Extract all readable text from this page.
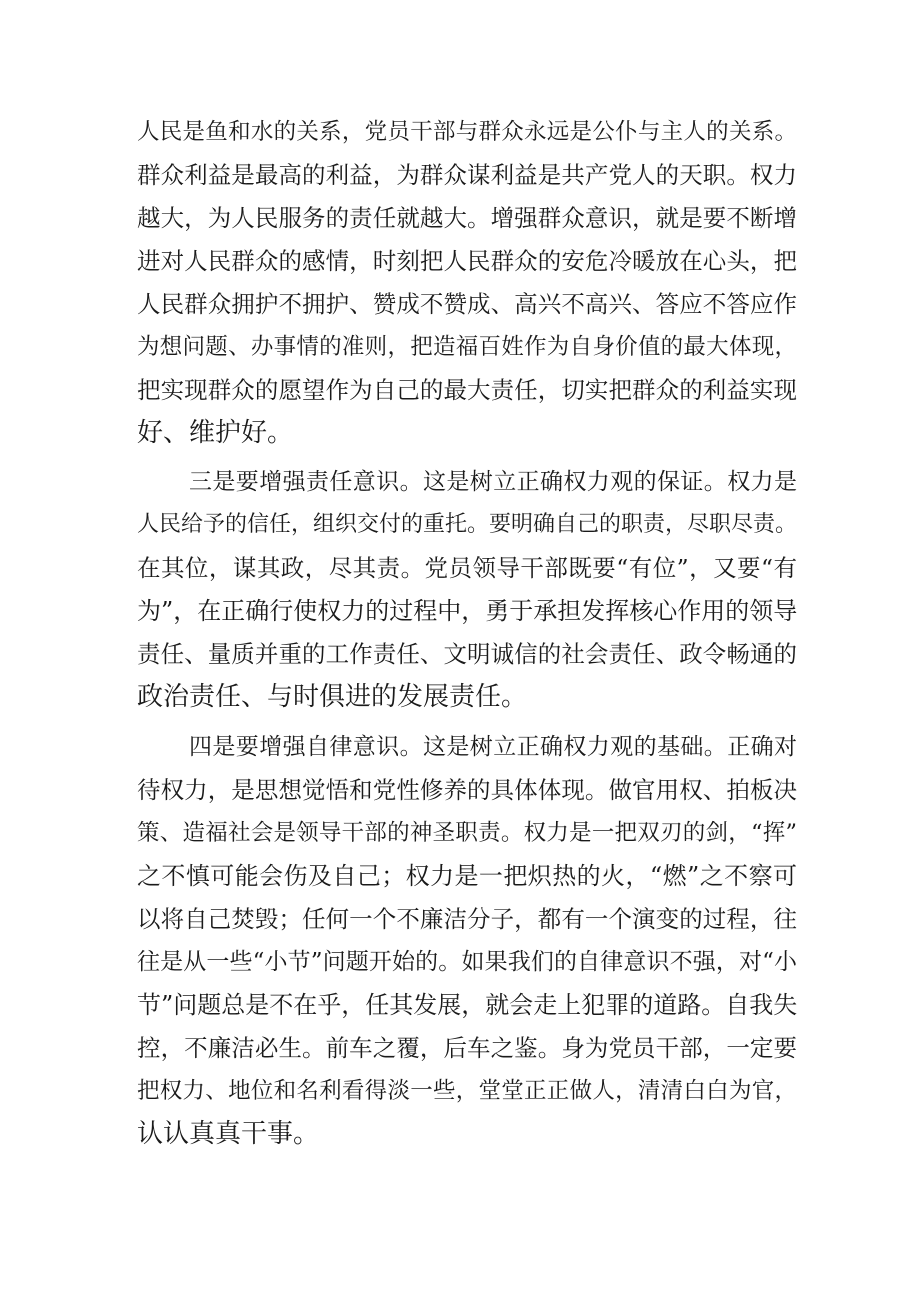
人民是鱼和水的关系，党员干部与群众永远是公仆与主人的关系。
群众利益是最高的利益，为群众谋利益是共产党人的天职。权力
越大，为人民服务的责任就越大。增强群众意识，就是要不断增
进对人民群众的感情，时刻把人民群众的安危冷暖放在心头，把
人民群众拥护不拥护、赞成不赞成、高兴不高兴、答应不答应作
为想问题、办事情的准则，把造福百姓作为自身价值的最大体现，
把实现群众的愿望作为自己的最大责任，切实把群众的利益实现
好、维护好。
三是要增强责任意识。这是树立正确权力观的保证。权力是
人民给予的信任，组织交付的重托。要明确自己的职责，尽职尽责。
在其位，谋其政，尽其责。党员领导干部既要“有位”，又要“有
为”，在正确行使权力的过程中，勇于承担发挥核心作用的领导
责任、量质并重的工作责任、文明诚信的社会责任、政令畅通的
政治责任、与时俱进的发展责任。
四是要增强自律意识。这是树立正确权力观的基础。正确对
待权力，是思想觉悟和党性修养的具体体现。做官用权、拍板决
策、造福社会是领导干部的神圣职责。权力是一把双刃的剑，“挥”
之不慎可能会伤及自己；权力是一把炽热的火，“燃”之不察可
以将自己焚毁；任何一个不廉洁分子，都有一个演变的过程，往
往是从一些“小节”问题开始的。如果我们的自律意识不强，对“小
节”问题总是不在乎，任其发展，就会走上犯罪的道路。自我失
控，不廉洁必生。前车之覆，后车之鉴。身为党员干部，一定要
把权力、地位和名利看得淡一些，堂堂正正做人，清清白白为官，
认认真真干事。
